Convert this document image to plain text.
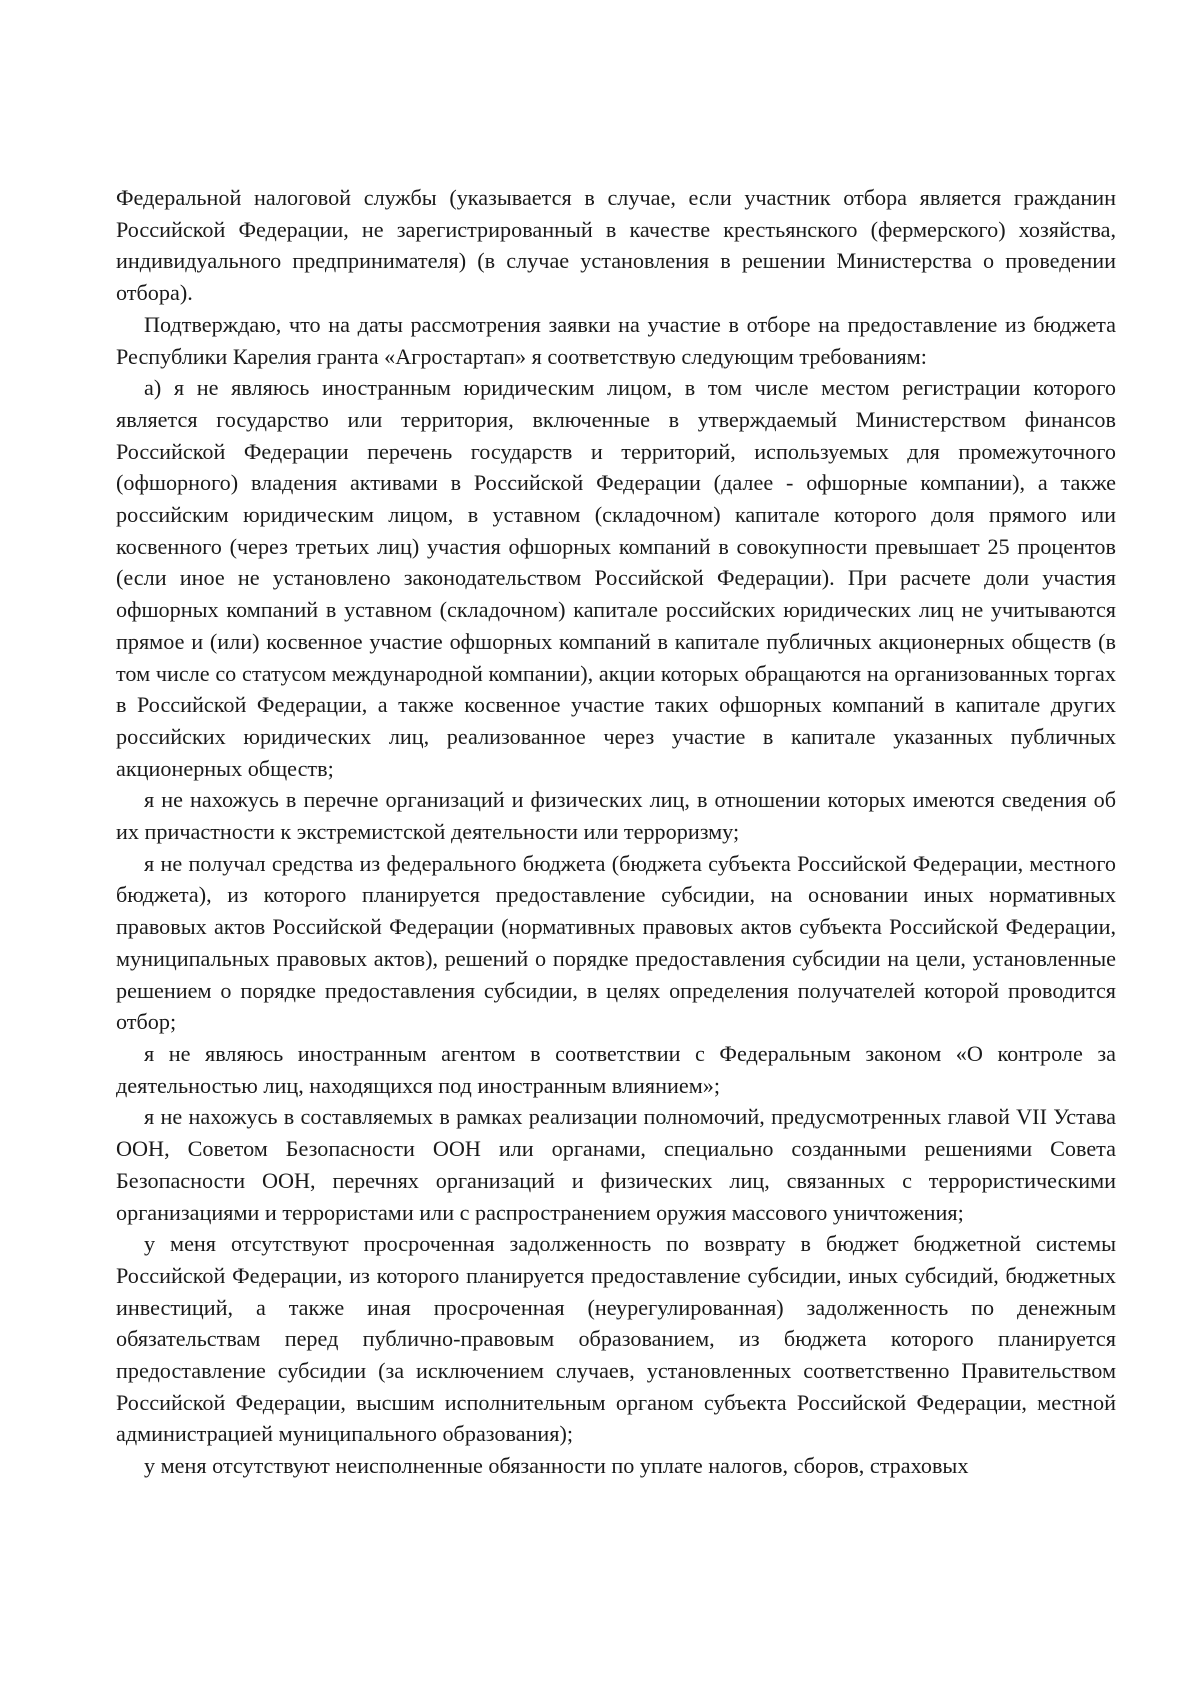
Федеральной налоговой службы (указывается в случае, если участник отбора является гражданин Российской Федерации, не зарегистрированный в качестве крестьянского (фермерского) хозяйства, индивидуального предпринимателя) (в случае установления в решении Министерства о проведении отбора).

Подтверждаю, что на даты рассмотрения заявки на участие в отборе на предоставление из бюджета Республики Карелия гранта «Агростартап» я соответствую следующим требованиям:

а) я не являюсь иностранным юридическим лицом, в том числе местом регистрации которого является государство или территория, включенные в утверждаемый Министерством финансов Российской Федерации перечень государств и территорий, используемых для промежуточного (офшорного) владения активами в Российской Федерации (далее - офшорные компании), а также российским юридическим лицом, в уставном (складочном) капитале которого доля прямого или косвенного (через третьих лиц) участия офшорных компаний в совокупности превышает 25 процентов (если иное не установлено законодательством Российской Федерации). При расчете доли участия офшорных компаний в уставном (складочном) капитале российских юридических лиц не учитываются прямое и (или) косвенное участие офшорных компаний в капитале публичных акционерных обществ (в том числе со статусом международной компании), акции которых обращаются на организованных торгах в Российской Федерации, а также косвенное участие таких офшорных компаний в капитале других российских юридических лиц, реализованное через участие в капитале указанных публичных акционерных обществ;

я не нахожусь в перечне организаций и физических лиц, в отношении которых имеются сведения об их причастности к экстремистской деятельности или терроризму;

я не получал средства из федерального бюджета (бюджета субъекта Российской Федерации, местного бюджета), из которого планируется предоставление субсидии, на основании иных нормативных правовых актов Российской Федерации (нормативных правовых актов субъекта Российской Федерации, муниципальных правовых актов), решений о порядке предоставления субсидии на цели, установленные решением о порядке предоставления субсидии, в целях определения получателей которой проводится отбор;

я не являюсь иностранным агентом в соответствии с Федеральным законом «О контроле за деятельностью лиц, находящихся под иностранным влиянием»;

я не нахожусь в составляемых в рамках реализации полномочий, предусмотренных главой VII Устава ООН, Советом Безопасности ООН или органами, специально созданными решениями Совета Безопасности ООН, перечнях организаций и физических лиц, связанных с террористическими организациями и террористами или с распространением оружия массового уничтожения;

у меня отсутствуют просроченная задолженность по возврату в бюджет бюджетной системы Российской Федерации, из которого планируется предоставление субсидии, иных субсидий, бюджетных инвестиций, а также иная просроченная (неурегулированная) задолженность по денежным обязательствам перед публично-правовым образованием, из бюджета которого планируется предоставление субсидии (за исключением случаев, установленных соответственно Правительством Российской Федерации, высшим исполнительным органом субъекта Российской Федерации, местной администрацией муниципального образования);

у меня отсутствуют неисполненные обязанности по уплате налогов, сборов, страховых
